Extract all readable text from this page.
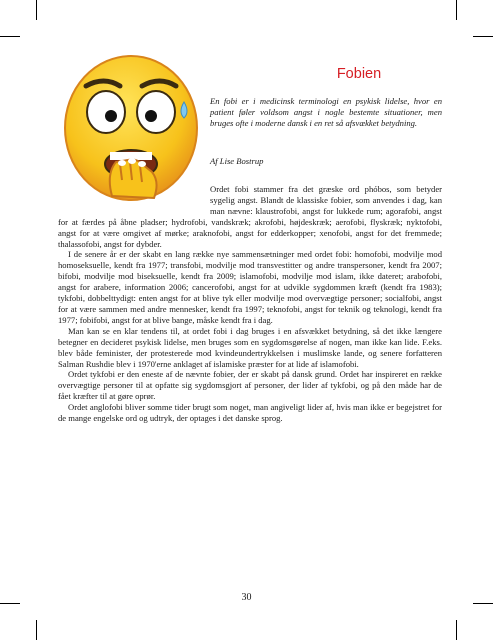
Fobien
En fobi er i medicinsk terminologi en psykisk lidelse, hvor en patient føler voldsom angst i nogle bestemte situationer, men bruges ofte i moderne dansk i en ret så afsvækket betydning.
Af Lise Bostrup

Ordet fobi stammer fra det græske ord phóbos, som betyder sygelig angst. Blandt de klassiske fobier, som anvendes i dag, kan man nævne: klaustrofobi, angst for lukkede rum; agorafobi, angst for at færdes på åbne pladser; hydrofobi, vandskræk; akrofobi, højdeskræk; aerofobi, flyskræk; nyktofobi, angst for at være omgivet af mørke; araknofobi, angst for edderkopper; xenofobi, angst for det fremmede; thalassofobi, angst for dybder.

I de senere år er der skabt en lang række nye sammensætninger med ordet fobi: homofobi, modvilje mod homoseksuelle, kendt fra 1977; transfobi, modvilje mod transvestitter og andre transpersoner, kendt fra 2007; bifobi, modvilje mod biseksuelle, kendt fra 2009; islamofobi, modvilje mod islam, ikke dateret; arabofobi, angst for arabere, information 2006; cancerofobi, angst for at udvikle sygdommen kræft (kendt fra 1983); tykfobi, dobbelttydigt: enten angst for at blive tyk eller modvilje mod overvægtige personer; socialfobi, angst for at være sammen med andre mennesker, kendt fra 1997; teknofobi, angst for teknik og teknologi, kendt fra 1977; fobifobi, angst for at blive bange, måske kendt fra i dag.

Man kan se en klar tendens til, at ordet fobi i dag bruges i en afsvækket betydning, så det ikke længere betegner en decideret psykisk lidelse, men bruges som en sygdomsgørelse af nogen, man ikke kan lide. F.eks. blev både feminister, der protesterede mod kvindeundertrykkelsen i muslimske lande, og senere forfatteren Salman Rushdie blev i 1970'erne anklaget af islamiske præster for at lide af islamofobi.

Ordet tykfobi er den eneste af de nævnte fobier, der er skabt på dansk grund. Ordet har inspireret en række overvægtige personer til at opfatte sig sygdomsgjort af personer, der lider af tykfobi, og på den måde har de fået kræfter til at gøre oprør.

Ordet anglofobi bliver somme tider brugt som noget, man angiveligt lider af, hvis man ikke er begejstret for de mange engelske ord og udtryk, der optages i det danske sprog.

30
